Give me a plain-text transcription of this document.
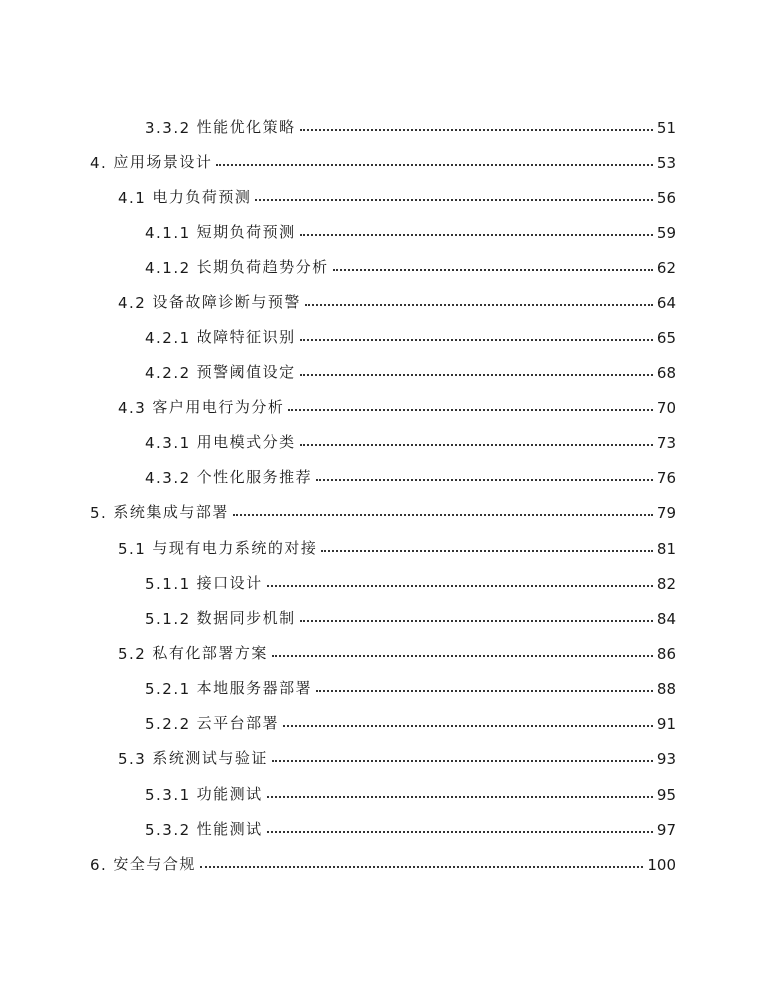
3.3.2 性能优化策略	51
4. 应用场景设计	53
4.1 电力负荷预测	56
4.1.1 短期负荷预测	59
4.1.2 长期负荷趋势分析	62
4.2 设备故障诊断与预警	64
4.2.1 故障特征识别	65
4.2.2 预警阈值设定	68
4.3 客户用电行为分析	70
4.3.1 用电模式分类	73
4.3.2 个性化服务推荐	76
5. 系统集成与部署	79
5.1 与现有电力系统的对接	81
5.1.1 接口设计	82
5.1.2 数据同步机制	84
5.2 私有化部署方案	86
5.2.1 本地服务器部署	88
5.2.2 云平台部署	91
5.3 系统测试与验证	93
5.3.1 功能测试	95
5.3.2 性能测试	97
6. 安全与合规	100
